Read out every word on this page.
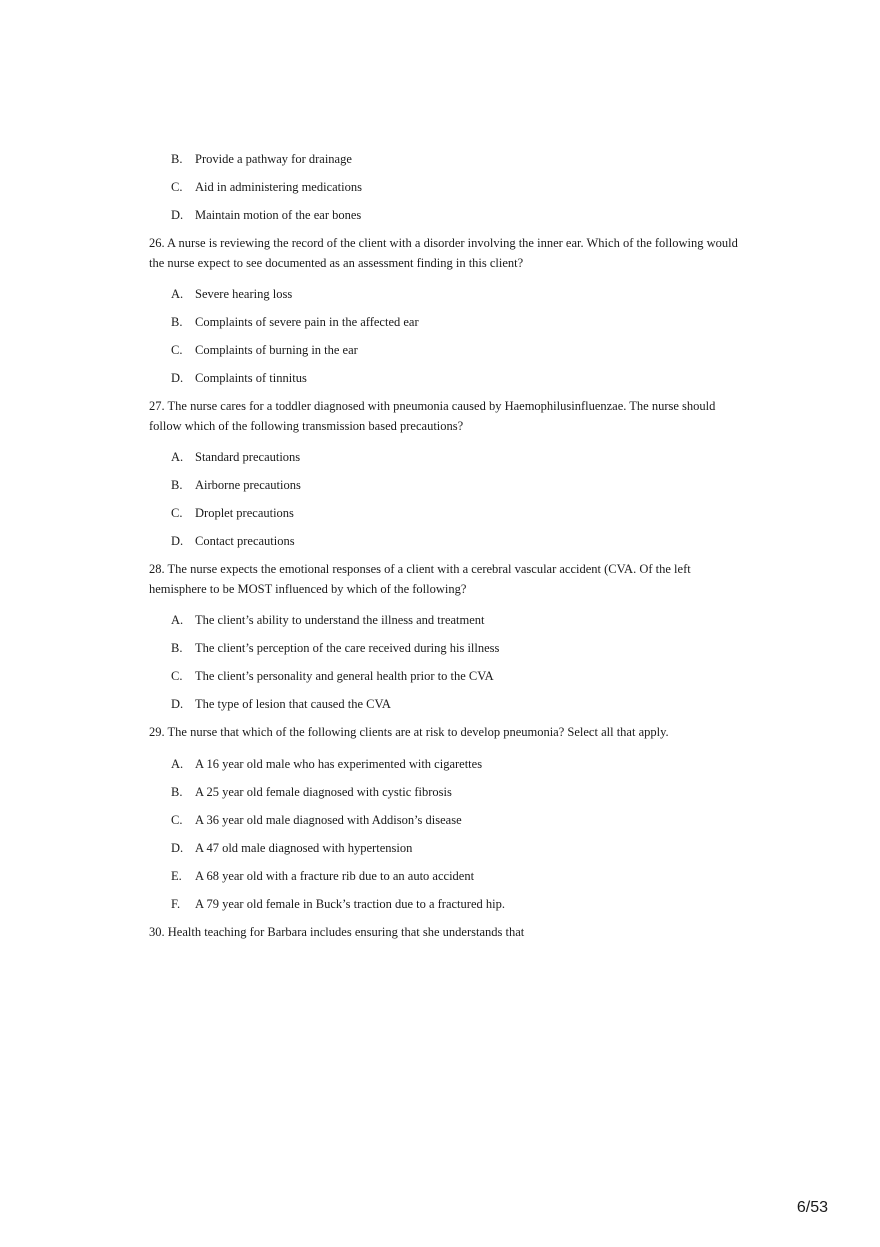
B.	Provide a pathway for drainage
C.	Aid in administering medications
D. Maintain motion of the ear bones

26. A nurse is reviewing the record of the client with a disorder involving the inner ear. Which of the following would the nurse expect to see documented as an assessment finding in this client?

A. Severe hearing loss
B.	Complaints of severe pain in the affected ear
C.	Complaints of burning in the ear
D. Complaints of tinnitus

27. The nurse cares for a toddler diagnosed with pneumonia caused by Haemophilusinfluenzae. The nurse should follow which of the following transmission based precautions?

A. Standard precautions
B.	Airborne precautions
C.	Droplet precautions
D. Contact precautions

28. The nurse expects the emotional responses of a client with a cerebral vascular accident (CVA. Of the left hemisphere to be MOST influenced by which of the following?

A. The client’s ability to understand the illness and treatment
B.	The client’s perception of the care received during his illness
C.	The client’s personality and general health prior to the CVA
D. The type of lesion that caused the CVA

29. The nurse that which of the following clients are at risk to develop pneumonia? Select all that apply.

A. A 16 year old male who has experimented with cigarettes
B.	A 25 year old female diagnosed with cystic fibrosis
C.	A 36 year old male diagnosed with Addison’s disease
D. A 47 old male diagnosed with hypertension
E.	A 68 year old with a fracture rib due to an auto accident
F.	A 79 year old female in Buck’s traction due to a fractured hip.

30. Health teaching for Barbara includes ensuring that she understands that

6/53
